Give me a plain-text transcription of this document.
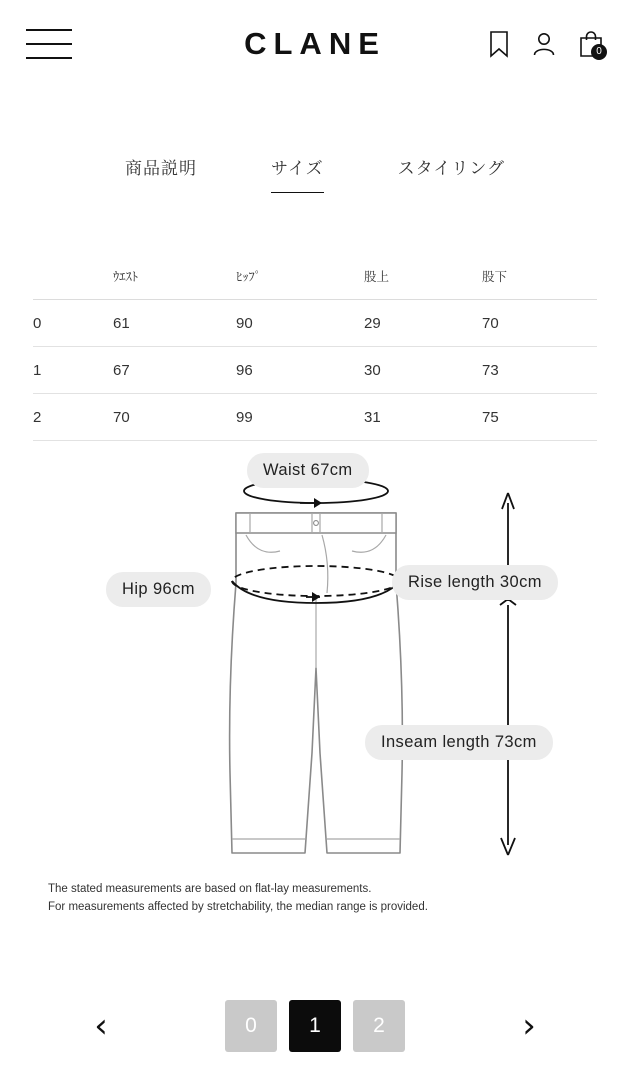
CLANE	0
商品説明	サイズ	スタイリング
	ｳｴｽﾄ	ﾋｯﾌﾟ	股上	股下
0	61	90	29	70
1	67	96	30	73
2	70	99	31	75
Waist 67cm
Hip 96cm	Rise length 30cm
Inseam length 73cm
The stated measurements are based on flat-lay measurements.
For measurements affected by stretchability, the median range is provided.
‹	0	1	2	›
